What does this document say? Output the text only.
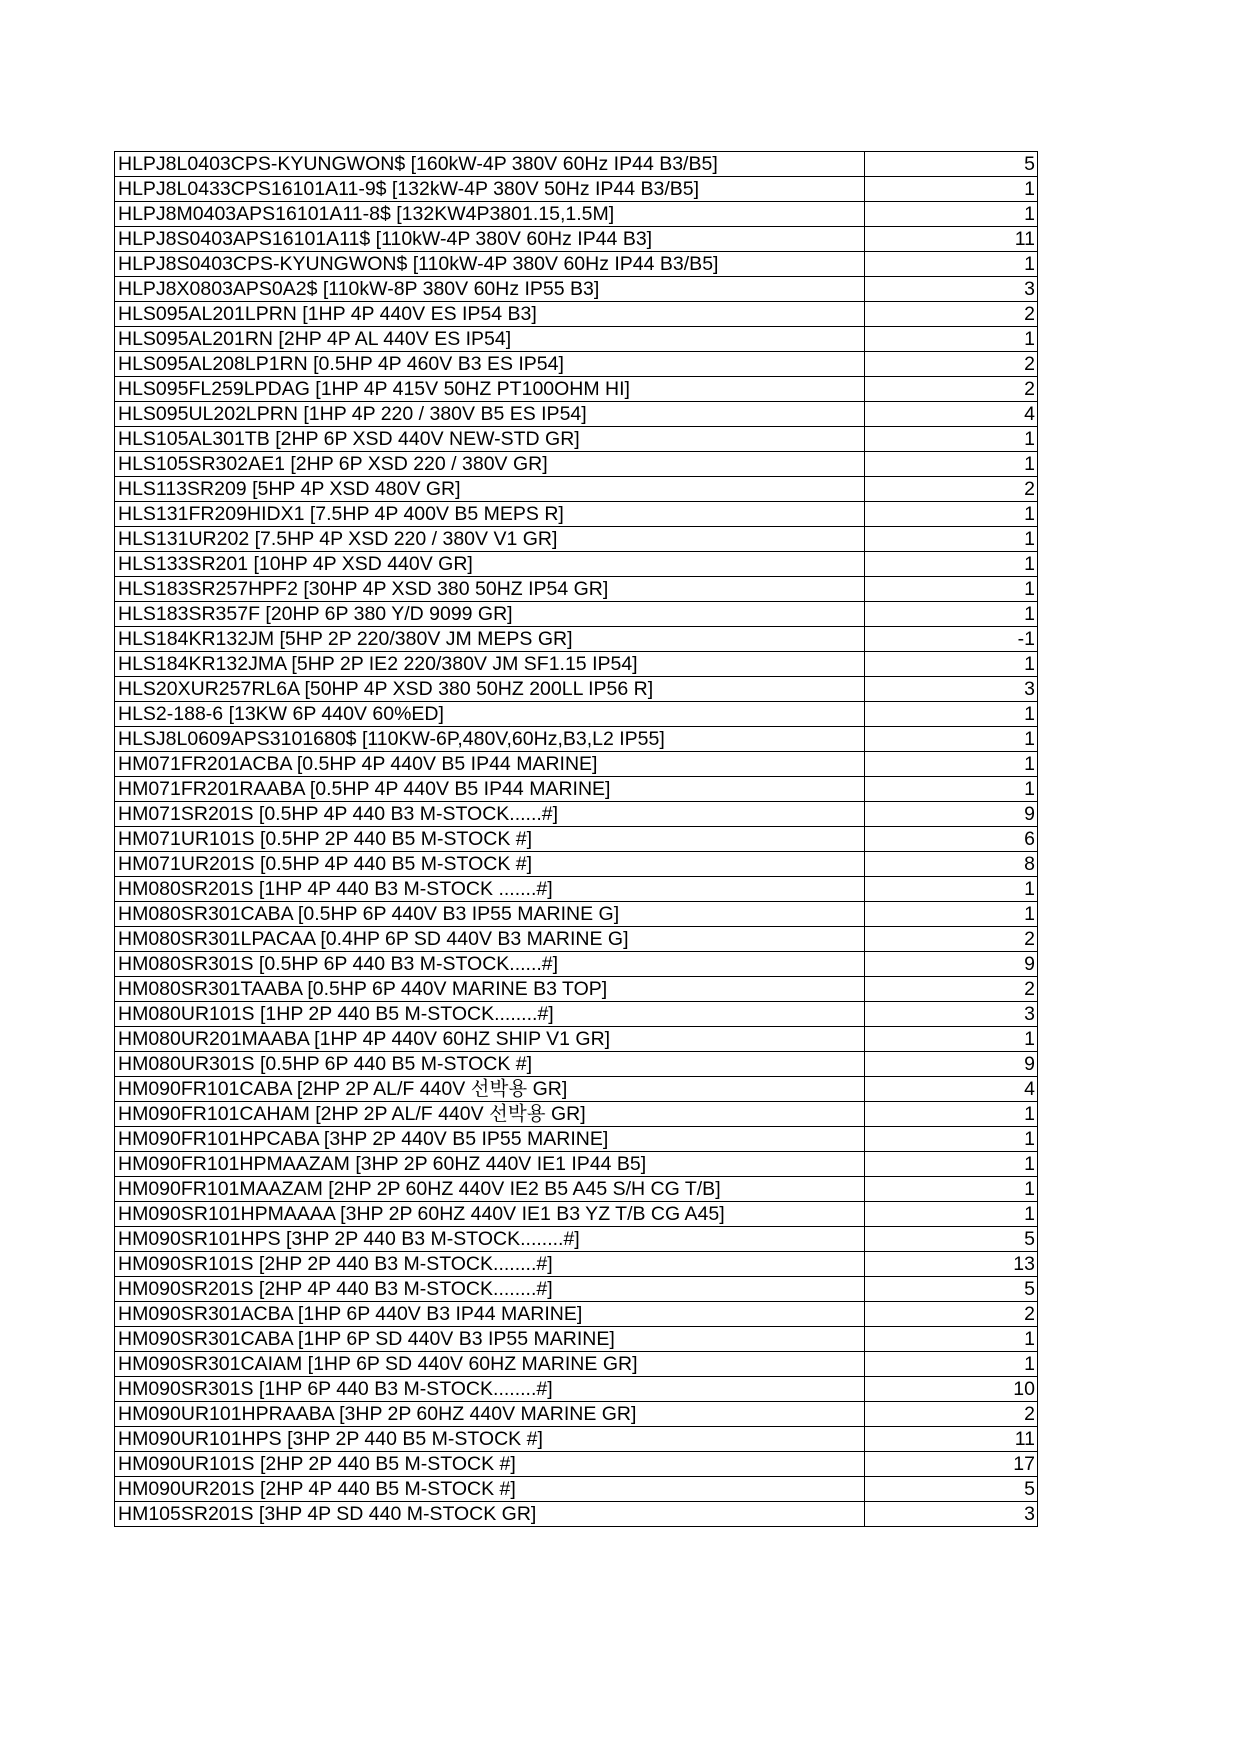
HLPJ8L0403CPS-KYUNGWON$ [160kW-4P 380V 60Hz IP44 B3/B5]	5
HLPJ8L0433CPS16101A11-9$ [132kW-4P 380V 50Hz IP44 B3/B5]	1
HLPJ8M0403APS16101A11-8$ [132KW4P3801.15,1.5M]	1
HLPJ8S0403APS16101A11$ [110kW-4P 380V 60Hz IP44 B3]	11
HLPJ8S0403CPS-KYUNGWON$ [110kW-4P 380V 60Hz IP44 B3/B5]	1
HLPJ8X0803APS0A2$ [110kW-8P 380V 60Hz IP55 B3]	3
HLS095AL201LPRN [1HP 4P 440V ES IP54 B3]	2
HLS095AL201RN [2HP 4P AL 440V ES IP54]	1
HLS095AL208LP1RN [0.5HP 4P 460V B3 ES IP54]	2
HLS095FL259LPDAG [1HP 4P 415V 50HZ PT100OHM HI]	2
HLS095UL202LPRN [1HP 4P 220 / 380V B5 ES IP54]	4
HLS105AL301TB [2HP 6P XSD 440V NEW-STD GR]	1
HLS105SR302AE1 [2HP 6P XSD 220 / 380V GR]	1
HLS113SR209 [5HP 4P XSD 480V GR]	2
HLS131FR209HIDX1 [7.5HP 4P 400V B5 MEPS R]	1
HLS131UR202 [7.5HP 4P XSD 220 / 380V V1 GR]	1
HLS133SR201 [10HP 4P XSD 440V GR]	1
HLS183SR257HPF2 [30HP 4P XSD 380 50HZ IP54 GR]	1
HLS183SR357F [20HP 6P 380 Y/D 9099 GR]	1
HLS184KR132JM [5HP 2P 220/380V JM MEPS GR]	-1
HLS184KR132JMA [5HP 2P IE2 220/380V JM SF1.15 IP54]	1
HLS20XUR257RL6A [50HP 4P XSD 380 50HZ 200LL IP56 R]	3
HLS2-188-6 [13KW 6P 440V 60%ED]	1
HLSJ8L0609APS3101680$ [110KW-6P,480V,60Hz,B3,L2 IP55]	1
HM071FR201ACBA [0.5HP 4P 440V B5 IP44 MARINE]	1
HM071FR201RAABA [0.5HP 4P 440V B5 IP44 MARINE]	1
HM071SR201S [0.5HP 4P 440 B3 M-STOCK......#]	9
HM071UR101S [0.5HP 2P 440 B5 M-STOCK #]	6
HM071UR201S [0.5HP 4P 440 B5 M-STOCK #]	8
HM080SR201S [1HP 4P 440 B3 M-STOCK .......#]	1
HM080SR301CABA [0.5HP 6P 440V B3 IP55 MARINE G]	1
HM080SR301LPACAA [0.4HP 6P SD 440V B3 MARINE G]	2
HM080SR301S [0.5HP 6P 440 B3 M-STOCK......#]	9
HM080SR301TAABA [0.5HP 6P 440V MARINE B3 TOP]	2
HM080UR101S [1HP 2P 440 B5 M-STOCK........#]	3
HM080UR201MAABA [1HP 4P 440V 60HZ SHIP V1 GR]	1
HM080UR301S [0.5HP 6P 440 B5 M-STOCK #]	9
HM090FR101CABA [2HP 2P AL/F 440V 선박용 GR]	4
HM090FR101CAHAM [2HP 2P AL/F 440V 선박용 GR]	1
HM090FR101HPCABA [3HP 2P 440V B5 IP55 MARINE]	1
HM090FR101HPMAAZAM [3HP 2P 60HZ 440V IE1 IP44 B5]	1
HM090FR101MAAZAM [2HP 2P 60HZ 440V IE2 B5 A45 S/H CG T/B]	1
HM090SR101HPMAAAA [3HP 2P 60HZ 440V IE1 B3 YZ T/B CG A45]	1
HM090SR101HPS [3HP 2P 440 B3 M-STOCK........#]	5
HM090SR101S [2HP 2P 440 B3 M-STOCK........#]	13
HM090SR201S [2HP 4P 440 B3 M-STOCK........#]	5
HM090SR301ACBA [1HP 6P 440V B3 IP44 MARINE]	2
HM090SR301CABA [1HP 6P SD 440V B3 IP55 MARINE]	1
HM090SR301CAIAM [1HP 6P SD 440V 60HZ MARINE GR]	1
HM090SR301S [1HP 6P 440 B3 M-STOCK........#]	10
HM090UR101HPRAABA [3HP 2P 60HZ 440V MARINE GR]	2
HM090UR101HPS [3HP 2P 440 B5 M-STOCK #]	11
HM090UR101S [2HP 2P 440 B5 M-STOCK #]	17
HM090UR201S [2HP 4P 440 B5 M-STOCK #]	5
HM105SR201S [3HP 4P SD 440 M-STOCK GR]	3
